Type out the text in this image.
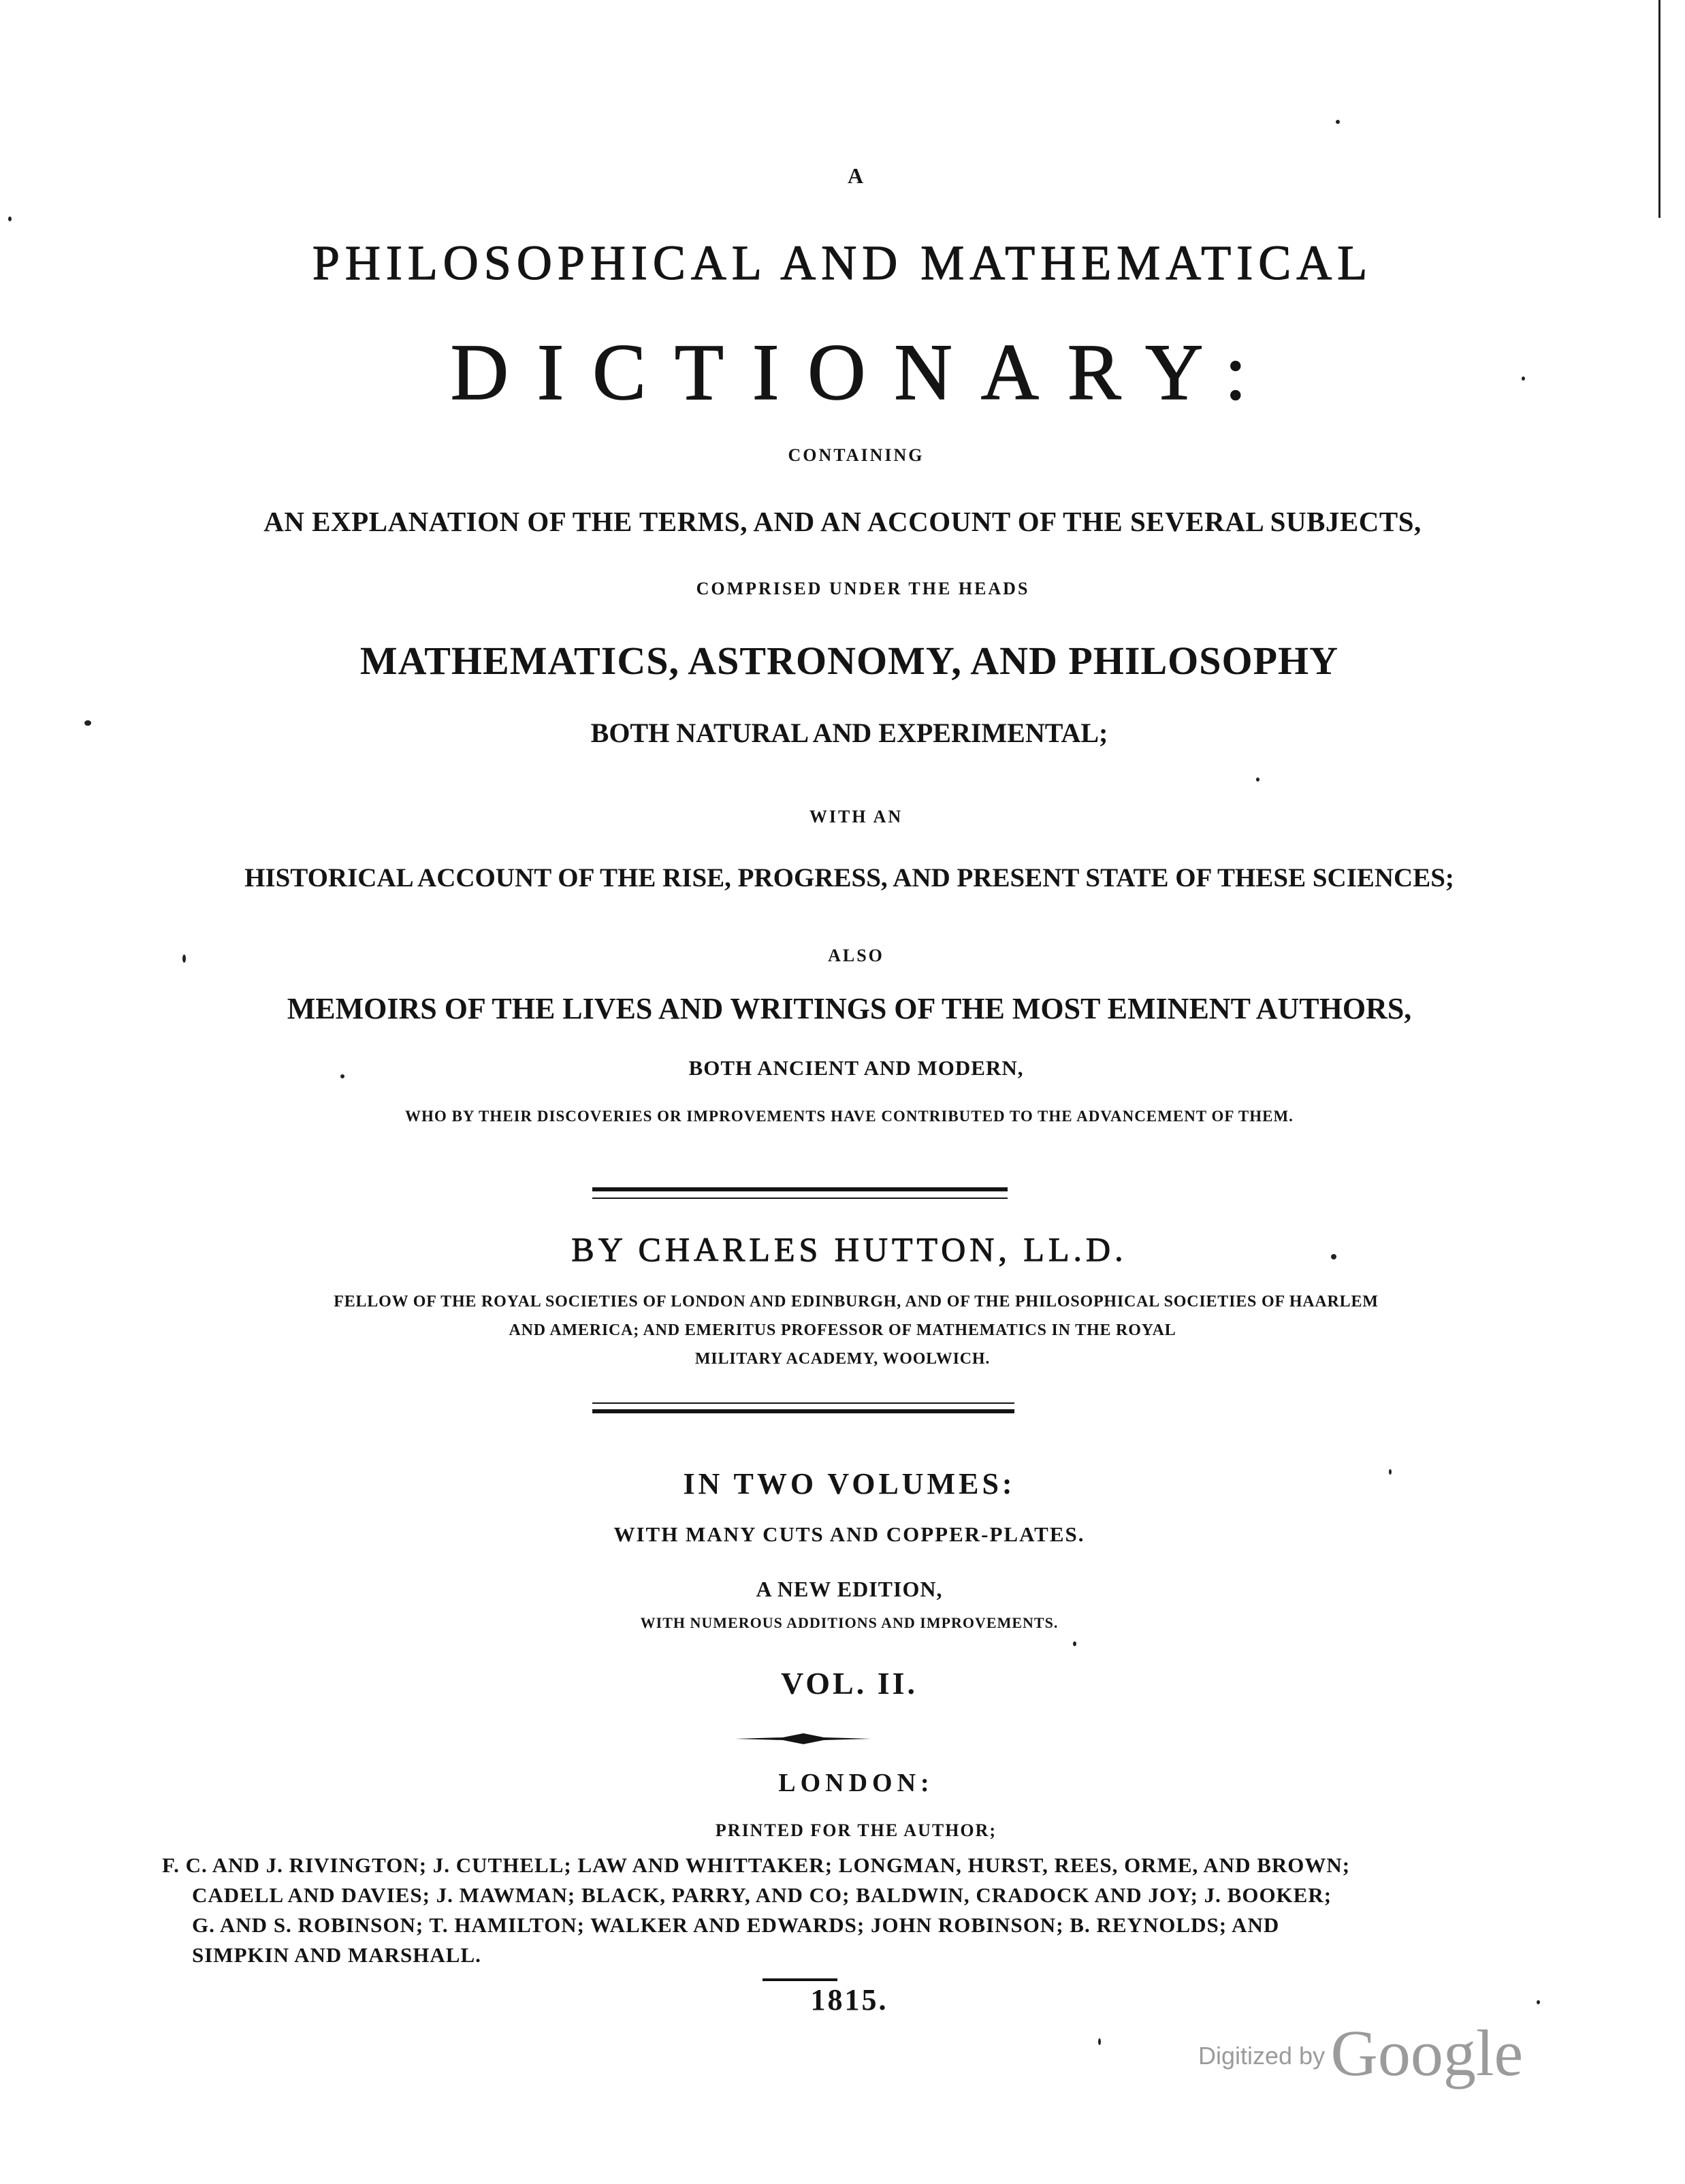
A
PHILOSOPHICAL AND MATHEMATICAL
DICTIONARY:
CONTAINING
AN EXPLANATION OF THE TERMS, AND AN ACCOUNT OF THE SEVERAL SUBJECTS,
COMPRISED UNDER THE HEADS
MATHEMATICS, ASTRONOMY, AND PHILOSOPHY
BOTH NATURAL AND EXPERIMENTAL;
WITH AN
HISTORICAL ACCOUNT OF THE RISE, PROGRESS, AND PRESENT STATE OF THESE SCIENCES;
ALSO
MEMOIRS OF THE LIVES AND WRITINGS OF THE MOST EMINENT AUTHORS,
BOTH ANCIENT AND MODERN,
WHO BY THEIR DISCOVERIES OR IMPROVEMENTS HAVE CONTRIBUTED TO THE ADVANCEMENT OF THEM.
BY CHARLES HUTTON, LL.D.
FELLOW OF THE ROYAL SOCIETIES OF LONDON AND EDINBURGH, AND OF THE PHILOSOPHICAL SOCIETIES OF HAARLEM
AND AMERICA; AND EMERITUS PROFESSOR OF MATHEMATICS IN THE ROYAL
MILITARY ACADEMY, WOOLWICH.
IN TWO VOLUMES:
WITH MANY CUTS AND COPPER-PLATES.
A NEW EDITION,
WITH NUMEROUS ADDITIONS AND IMPROVEMENTS.
VOL. II.
LONDON:
PRINTED FOR THE AUTHOR;
F. C. AND J. RIVINGTON; J. CUTHELL; LAW AND WHITTAKER; LONGMAN, HURST, REES, ORME, AND BROWN;
CADELL AND DAVIES; J. MAWMAN; BLACK, PARRY, AND CO; BALDWIN, CRADOCK AND JOY; J. BOOKER;
G. AND S. ROBINSON; T. HAMILTON; WALKER AND EDWARDS; JOHN ROBINSON; B. REYNOLDS; AND
SIMPKIN AND MARSHALL.
1815.
Digitized by Google
